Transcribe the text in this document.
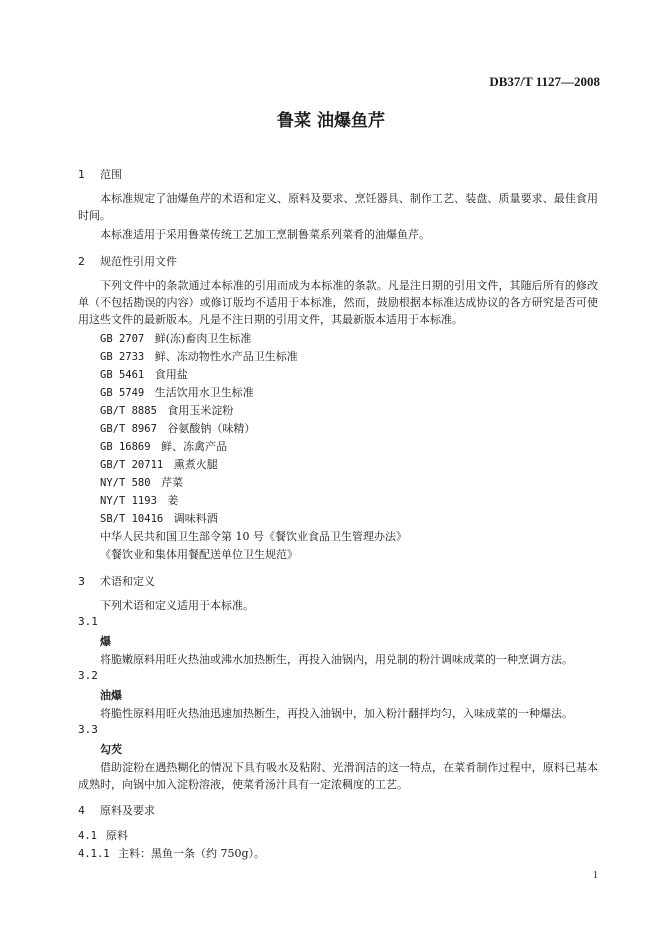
DB37/T 1127—2008
鲁菜 油爆鱼芹
1 范围
本标准规定了油爆鱼芹的术语和定义、原料及要求、烹饪器具、制作工艺、装盘、质量要求、最佳食用时间。
本标准适用于采用鲁菜传统工艺加工烹制鲁菜系列菜肴的油爆鱼芹。
2 规范性引用文件
下列文件中的条款通过本标准的引用而成为本标准的条款。凡是注日期的引用文件，其随后所有的修改单（不包括勘误的内容）或修订版均不适用于本标准，然而，鼓励根据本标准达成协议的各方研究是否可使用这些文件的最新版本。凡是不注日期的引用文件，其最新版本适用于本标准。
GB 2707 鲜(冻)畜肉卫生标准
GB 2733 鲜、冻动物性水产品卫生标准
GB 5461 食用盐
GB 5749 生活饮用水卫生标准
GB/T 8885 食用玉米淀粉
GB/T 8967 谷氨酸钠（味精）
GB 16869 鲜、冻禽产品
GB/T 20711 熏煮火腿
NY/T 580 芹菜
NY/T 1193 姜
SB/T 10416 调味料酒
中华人民共和国卫生部令第 10 号《餐饮业食品卫生管理办法》
《餐饮业和集体用餐配送单位卫生规范》
3 术语和定义
下列术语和定义适用于本标准。
3.1
爆
将脆嫩原料用旺火热油或沸水加热断生，再投入油锅内，用兑制的粉汁调味成菜的一种烹调方法。
3.2
油爆
将脆性原料用旺火热油迅速加热断生，再投入油锅中，加入粉汁翻拌均匀，入味成菜的一种爆法。
3.3
勾芡
借助淀粉在遇热糊化的情况下具有吸水及粘附、光滑润洁的这一特点，在菜肴制作过程中，原料已基本成熟时，向锅中加入淀粉溶液，使菜肴汤汁具有一定浓稠度的工艺。
4 原料及要求
4.1 原料
4.1.1 主料：黑鱼一条（约 750g）。
1
